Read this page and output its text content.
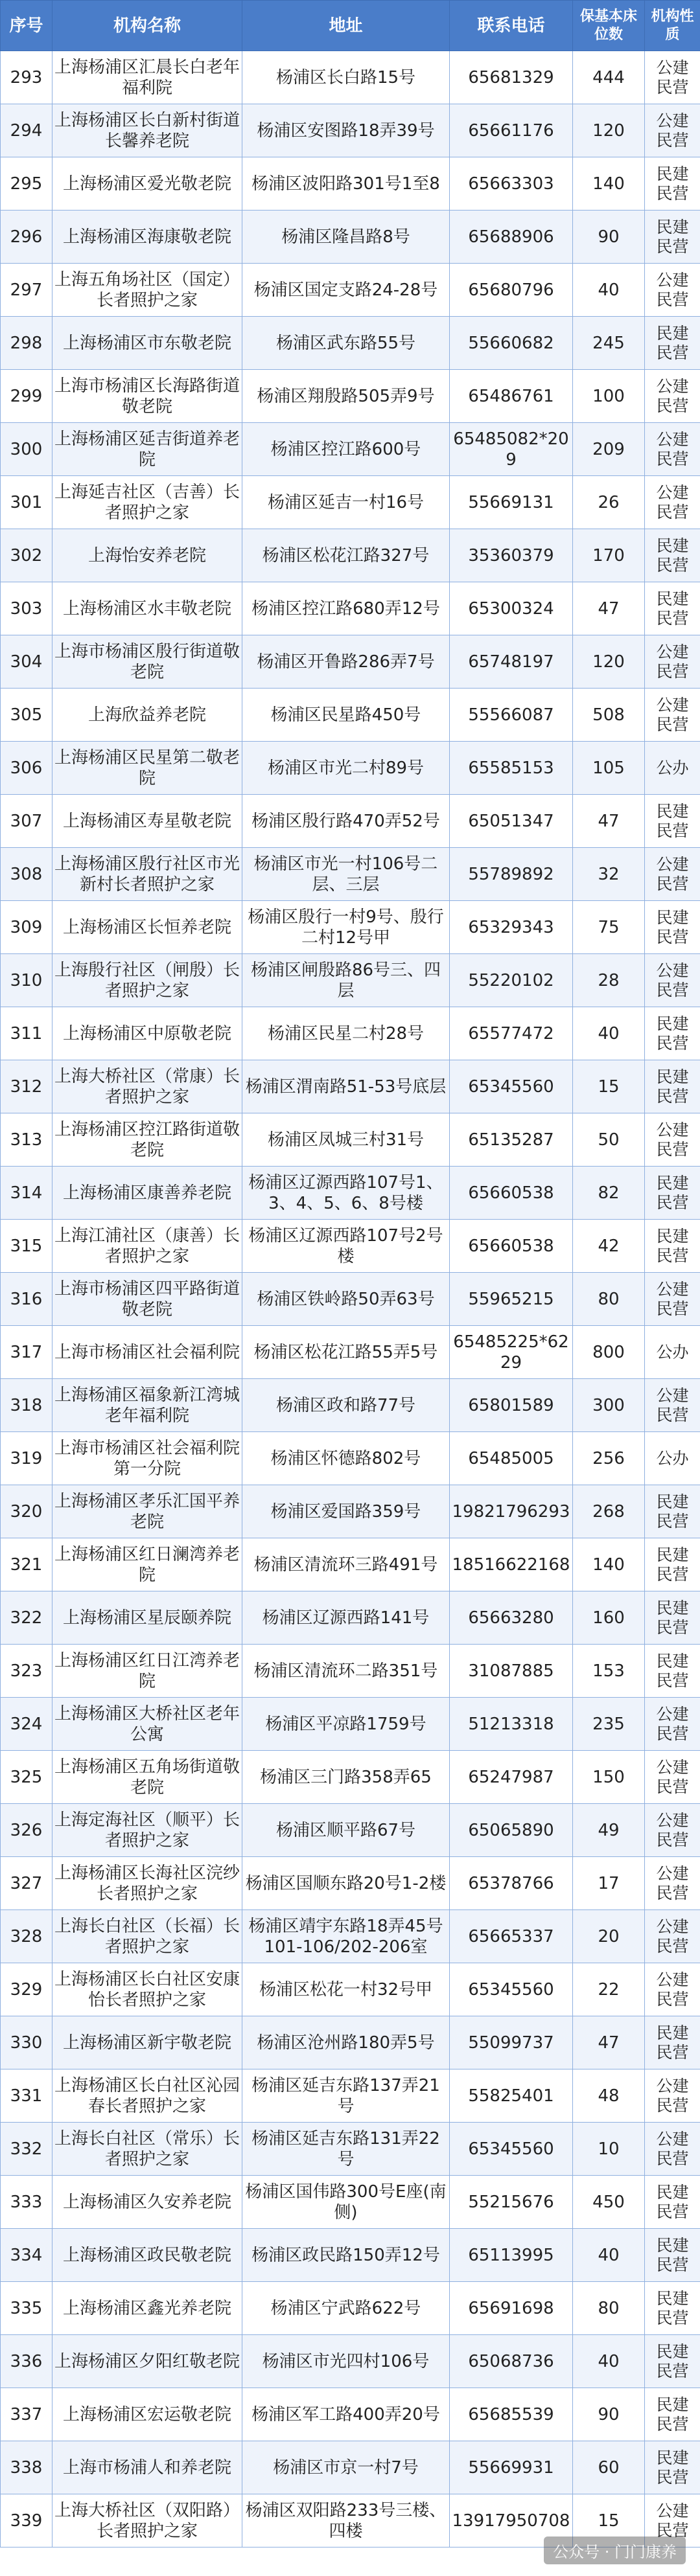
序号	机构名称	地址	联系电话	保基本床位数	机构性质
293	上海杨浦区汇晨长白老年福利院	杨浦区长白路15号	65681329	444	公建民营
294	上海杨浦区长白新村街道长馨养老院	杨浦区安图路18弄39号	65661176	120	公建民营
295	上海杨浦区爱光敬老院	杨浦区波阳路301号1至8	65663303	140	民建民营
296	上海杨浦区海康敬老院	杨浦区隆昌路8号	65688906	90	民建民营
297	上海五角场社区（国定）长者照护之家	杨浦区国定支路24-28号	65680796	40	公建民营
298	上海杨浦区市东敬老院	杨浦区武东路55号	55660682	245	民建民营
299	上海市杨浦区长海路街道敬老院	杨浦区翔殷路505弄9号	65486761	100	公建民营
300	上海杨浦区延吉街道养老院	杨浦区控江路600号	65485082*209	209	公建民营
301	上海延吉社区（吉善）长者照护之家	杨浦区延吉一村16号	55669131	26	公建民营
302	上海怡安养老院	杨浦区松花江路327号	35360379	170	民建民营
303	上海杨浦区水丰敬老院	杨浦区控江路680弄12号	65300324	47	民建民营
304	上海市杨浦区殷行街道敬老院	杨浦区开鲁路286弄7号	65748197	120	公建民营
305	上海欣益养老院	杨浦区民星路450号	55566087	508	公建民营
306	上海杨浦区民星第二敬老院	杨浦区市光二村89号	65585153	105	公办
307	上海杨浦区寿星敬老院	杨浦区殷行路470弄52号	65051347	47	民建民营
308	上海杨浦区殷行社区市光新村长者照护之家	杨浦区市光一村106号二层、三层	55789892	32	公建民营
309	上海杨浦区长恒养老院	杨浦区殷行一村9号、殷行二村12号甲	65329343	75	民建民营
310	上海殷行社区（闸殷）长者照护之家	杨浦区闸殷路86号三、四层	55220102	28	公建民营
311	上海杨浦区中原敬老院	杨浦区民星二村28号	65577472	40	民建民营
312	上海大桥社区（常康）长者照护之家	杨浦区渭南路51-53号底层	65345560	15	民建民营
313	上海杨浦区控江路街道敬老院	杨浦区凤城三村31号	65135287	50	公建民营
314	上海杨浦区康善养老院	杨浦区辽源西路107号1、3、4、5、6、8号楼	65660538	82	民建民营
315	上海江浦社区（康善）长者照护之家	杨浦区辽源西路107号2号楼	65660538	42	民建民营
316	上海市杨浦区四平路街道敬老院	杨浦区铁岭路50弄63号	55965215	80	公建民营
317	上海市杨浦区社会福利院	杨浦区松花江路55弄5号	65485225*6229	800	公办
318	上海杨浦区福象新江湾城老年福利院	杨浦区政和路77号	65801589	300	公建民营
319	上海市杨浦区社会福利院第一分院	杨浦区怀德路802号	65485005	256	公办
320	上海杨浦区孝乐汇国平养老院	杨浦区爱国路359号	19821796293	268	民建民营
321	上海杨浦区红日澜湾养老院	杨浦区清流环三路491号	18516622168	140	民建民营
322	上海杨浦区星辰颐养院	杨浦区辽源西路141号	65663280	160	民建民营
323	上海杨浦区红日江湾养老院	杨浦区清流环二路351号	31087885	153	民建民营
324	上海杨浦区大桥社区老年公寓	杨浦区平凉路1759号	51213318	235	公建民营
325	上海杨浦区五角场街道敬老院	杨浦区三门路358弄65	65247987	150	公建民营
326	上海定海社区（顺平）长者照护之家	杨浦区顺平路67号	65065890	49	公建民营
327	上海杨浦区长海社区浣纱长者照护之家	杨浦区国顺东路20号1-2楼	65378766	17	公建民营
328	上海长白社区（长福）长者照护之家	杨浦区靖宇东路18弄45号101-106/202-206室	65665337	20	公建民营
329	上海杨浦区长白社区安康怡长者照护之家	杨浦区松花一村32号甲	65345560	22	公建民营
330	上海杨浦区新宇敬老院	杨浦区沧州路180弄5号	55099737	47	民建民营
331	上海杨浦区长白社区沁园春长者照护之家	杨浦区延吉东路137弄21号	55825401	48	公建民营
332	上海长白社区（常乐）长者照护之家	杨浦区延吉东路131弄22号	65345560	10	公建民营
333	上海杨浦区久安养老院	杨浦区国伟路300号E座(南侧)	55215676	450	民建民营
334	上海杨浦区政民敬老院	杨浦区政民路150弄12号	65113995	40	民建民营
335	上海杨浦区鑫光养老院	杨浦区宁武路622号	65691698	80	民建民营
336	上海杨浦区夕阳红敬老院	杨浦区市光四村106号	65068736	40	民建民营
337	上海杨浦区宏运敬老院	杨浦区军工路400弄20号	65685539	90	民建民营
338	上海市杨浦人和养老院	杨浦区市京一村7号	55669931	60	民建民营
339	上海大桥社区（双阳路）长者照护之家	杨浦区双阳路233号三楼、四楼	13917950708	15	公建民营
公众号 · 门门康养
